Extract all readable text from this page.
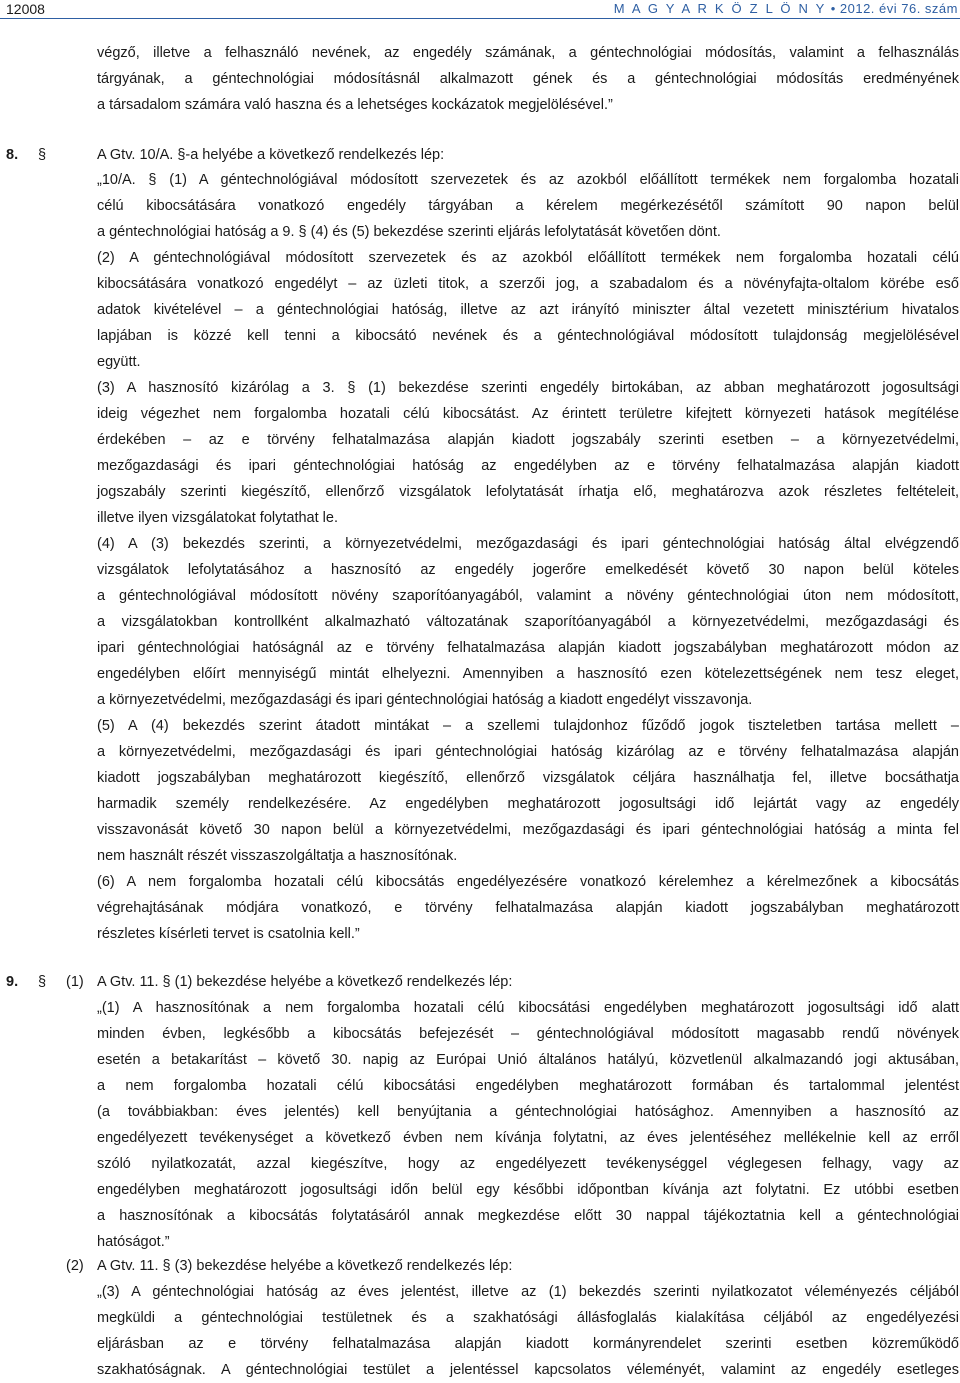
12008	M A G Y A R K Ö Z L Ö N Y • 2012. évi 76. szám
8. §
9. § (1)
(2)
végző, illetve a felhasználó nevének, az engedély számának, a géntechnológiai módosítás, valamint a felhasználás
tárgyának, a géntechnológiai módosításnál alkalmazott gének és a géntechnológiai módosítás eredményének
a társadalom számára való haszna és a lehetséges kockázatok megjelölésével.”
A Gtv. 10/A. §-a helyébe a következő rendelkezés lép:
„10/A. § (1) A géntechnológiával módosított szervezetek és az azokból előállított termékek nem forgalomba hozatali
célú kibocsátására vonatkozó engedély tárgyában a kérelem megérkezésétől számított 90 napon belül
a géntechnológiai hatóság a 9. § (4) és (5) bekezdése szerinti eljárás lefolytatását követően dönt.
(2) A géntechnológiával módosított szervezetek és az azokból előállított termékek nem forgalomba hozatali célú
kibocsátására vonatkozó engedélyt – az üzleti titok, a szerzői jog, a szabadalom és a növényfajta-oltalom körébe eső
adatok kivételével – a géntechnológiai hatóság, illetve az azt irányító miniszter által vezetett minisztérium hivatalos
lapjában is közzé kell tenni a kibocsátó nevének és a géntechnológiával módosított tulajdonság megjelölésével
együtt.
(3) A hasznosító kizárólag a 3. § (1) bekezdése szerinti engedély birtokában, az abban meghatározott jogosultsági
ideig végezhet nem forgalomba hozatali célú kibocsátást. Az érintett területre kifejtett környezeti hatások megítélése
érdekében – az e törvény felhatalmazása alapján kiadott jogszabály szerinti esetben – a környezetvédelmi,
mezőgazdasági és ipari géntechnológiai hatóság az engedélyben az e törvény felhatalmazása alapján kiadott
jogszabály szerinti kiegészítő, ellenőrző vizsgálatok lefolytatását írhatja elő, meghatározva azok részletes feltételeit,
illetve ilyen vizsgálatokat folytathat le.
(4) A (3) bekezdés szerinti, a környezetvédelmi, mezőgazdasági és ipari géntechnológiai hatóság által elvégzendő
vizsgálatok lefolytatásához a hasznosító az engedély jogerőre emelkedését követő 30 napon belül köteles
a géntechnológiával módosított növény szaporítóanyagából, valamint a növény géntechnológiai úton nem módosított,
a vizsgálatokban kontrollként alkalmazható változatának szaporítóanyagából a környezetvédelmi, mezőgazdasági és
ipari géntechnológiai hatóságnál az e törvény felhatalmazása alapján kiadott jogszabályban meghatározott módon az
engedélyben előírt mennyiségű mintát elhelyezni. Amennyiben a hasznosító ezen kötelezettségének nem tesz eleget,
a környezetvédelmi, mezőgazdasági és ipari géntechnológiai hatóság a kiadott engedélyt visszavonja.
(5) A (4) bekezdés szerint átadott mintákat – a szellemi tulajdonhoz fűződő jogok tiszteletben tartása mellett –
a környezetvédelmi, mezőgazdasági és ipari géntechnológiai hatóság kizárólag az e törvény felhatalmazása alapján
kiadott jogszabályban meghatározott kiegészítő, ellenőrző vizsgálatok céljára használhatja fel, illetve bocsáthatja
harmadik személy rendelkezésére. Az engedélyben meghatározott jogosultsági idő lejártát vagy az engedély
visszavonását követő 30 napon belül a környezetvédelmi, mezőgazdasági és ipari géntechnológiai hatóság a minta fel
nem használt részét visszaszolgáltatja a hasznosítónak.
(6) A nem forgalomba hozatali célú kibocsátás engedélyezésére vonatkozó kérelemhez a kérelmezőnek a kibocsátás
végrehajtásának módjára vonatkozó, e törvény felhatalmazása alapján kiadott jogszabályban meghatározott
részletes kísérleti tervet is csatolnia kell.”
A Gtv. 11. § (1) bekezdése helyébe a következő rendelkezés lép:
„(1) A hasznosítónak a nem forgalomba hozatali célú kibocsátási engedélyben meghatározott jogosultsági idő alatt
minden évben, legkésőbb a kibocsátás befejezését – géntechnológiával módosított magasabb rendű növények
esetén a betakarítást – követő 30. napig az Európai Unió általános hatályú, közvetlenül alkalmazandó jogi aktusában,
a nem forgalomba hozatali célú kibocsátási engedélyben meghatározott formában és tartalommal jelentést
(a továbbiakban: éves jelentés) kell benyújtania a géntechnológiai hatósághoz. Amennyiben a hasznosító az
engedélyezett tevékenységet a következő évben nem kívánja folytatni, az éves jelentéséhez mellékelnie kell az erről
szóló nyilatkozatát, azzal kiegészítve, hogy az engedélyezett tevékenységgel véglegesen felhagy, vagy az
engedélyben meghatározott jogosultsági időn belül egy későbbi időpontban kívánja azt folytatni. Ez utóbbi esetben
a hasznosítónak a kibocsátás folytatásáról annak megkezdése előtt 30 nappal tájékoztatnia kell a géntechnológiai
hatóságot.”
A Gtv. 11. § (3) bekezdése helyébe a következő rendelkezés lép:
„(3) A géntechnológiai hatóság az éves jelentést, illetve az (1) bekezdés szerinti nyilatkozatot véleményezés céljából
megküldi a géntechnológiai testületnek és a szakhatósági állásfoglalás kialakítása céljából az engedélyezési
eljárásban az e törvény felhatalmazása alapján kiadott kormányrendelet szerinti esetben közreműködő
szakhatóságnak. A géntechnológiai testület a jelentéssel kapcsolatos véleményét, valamint az engedély esetleges
